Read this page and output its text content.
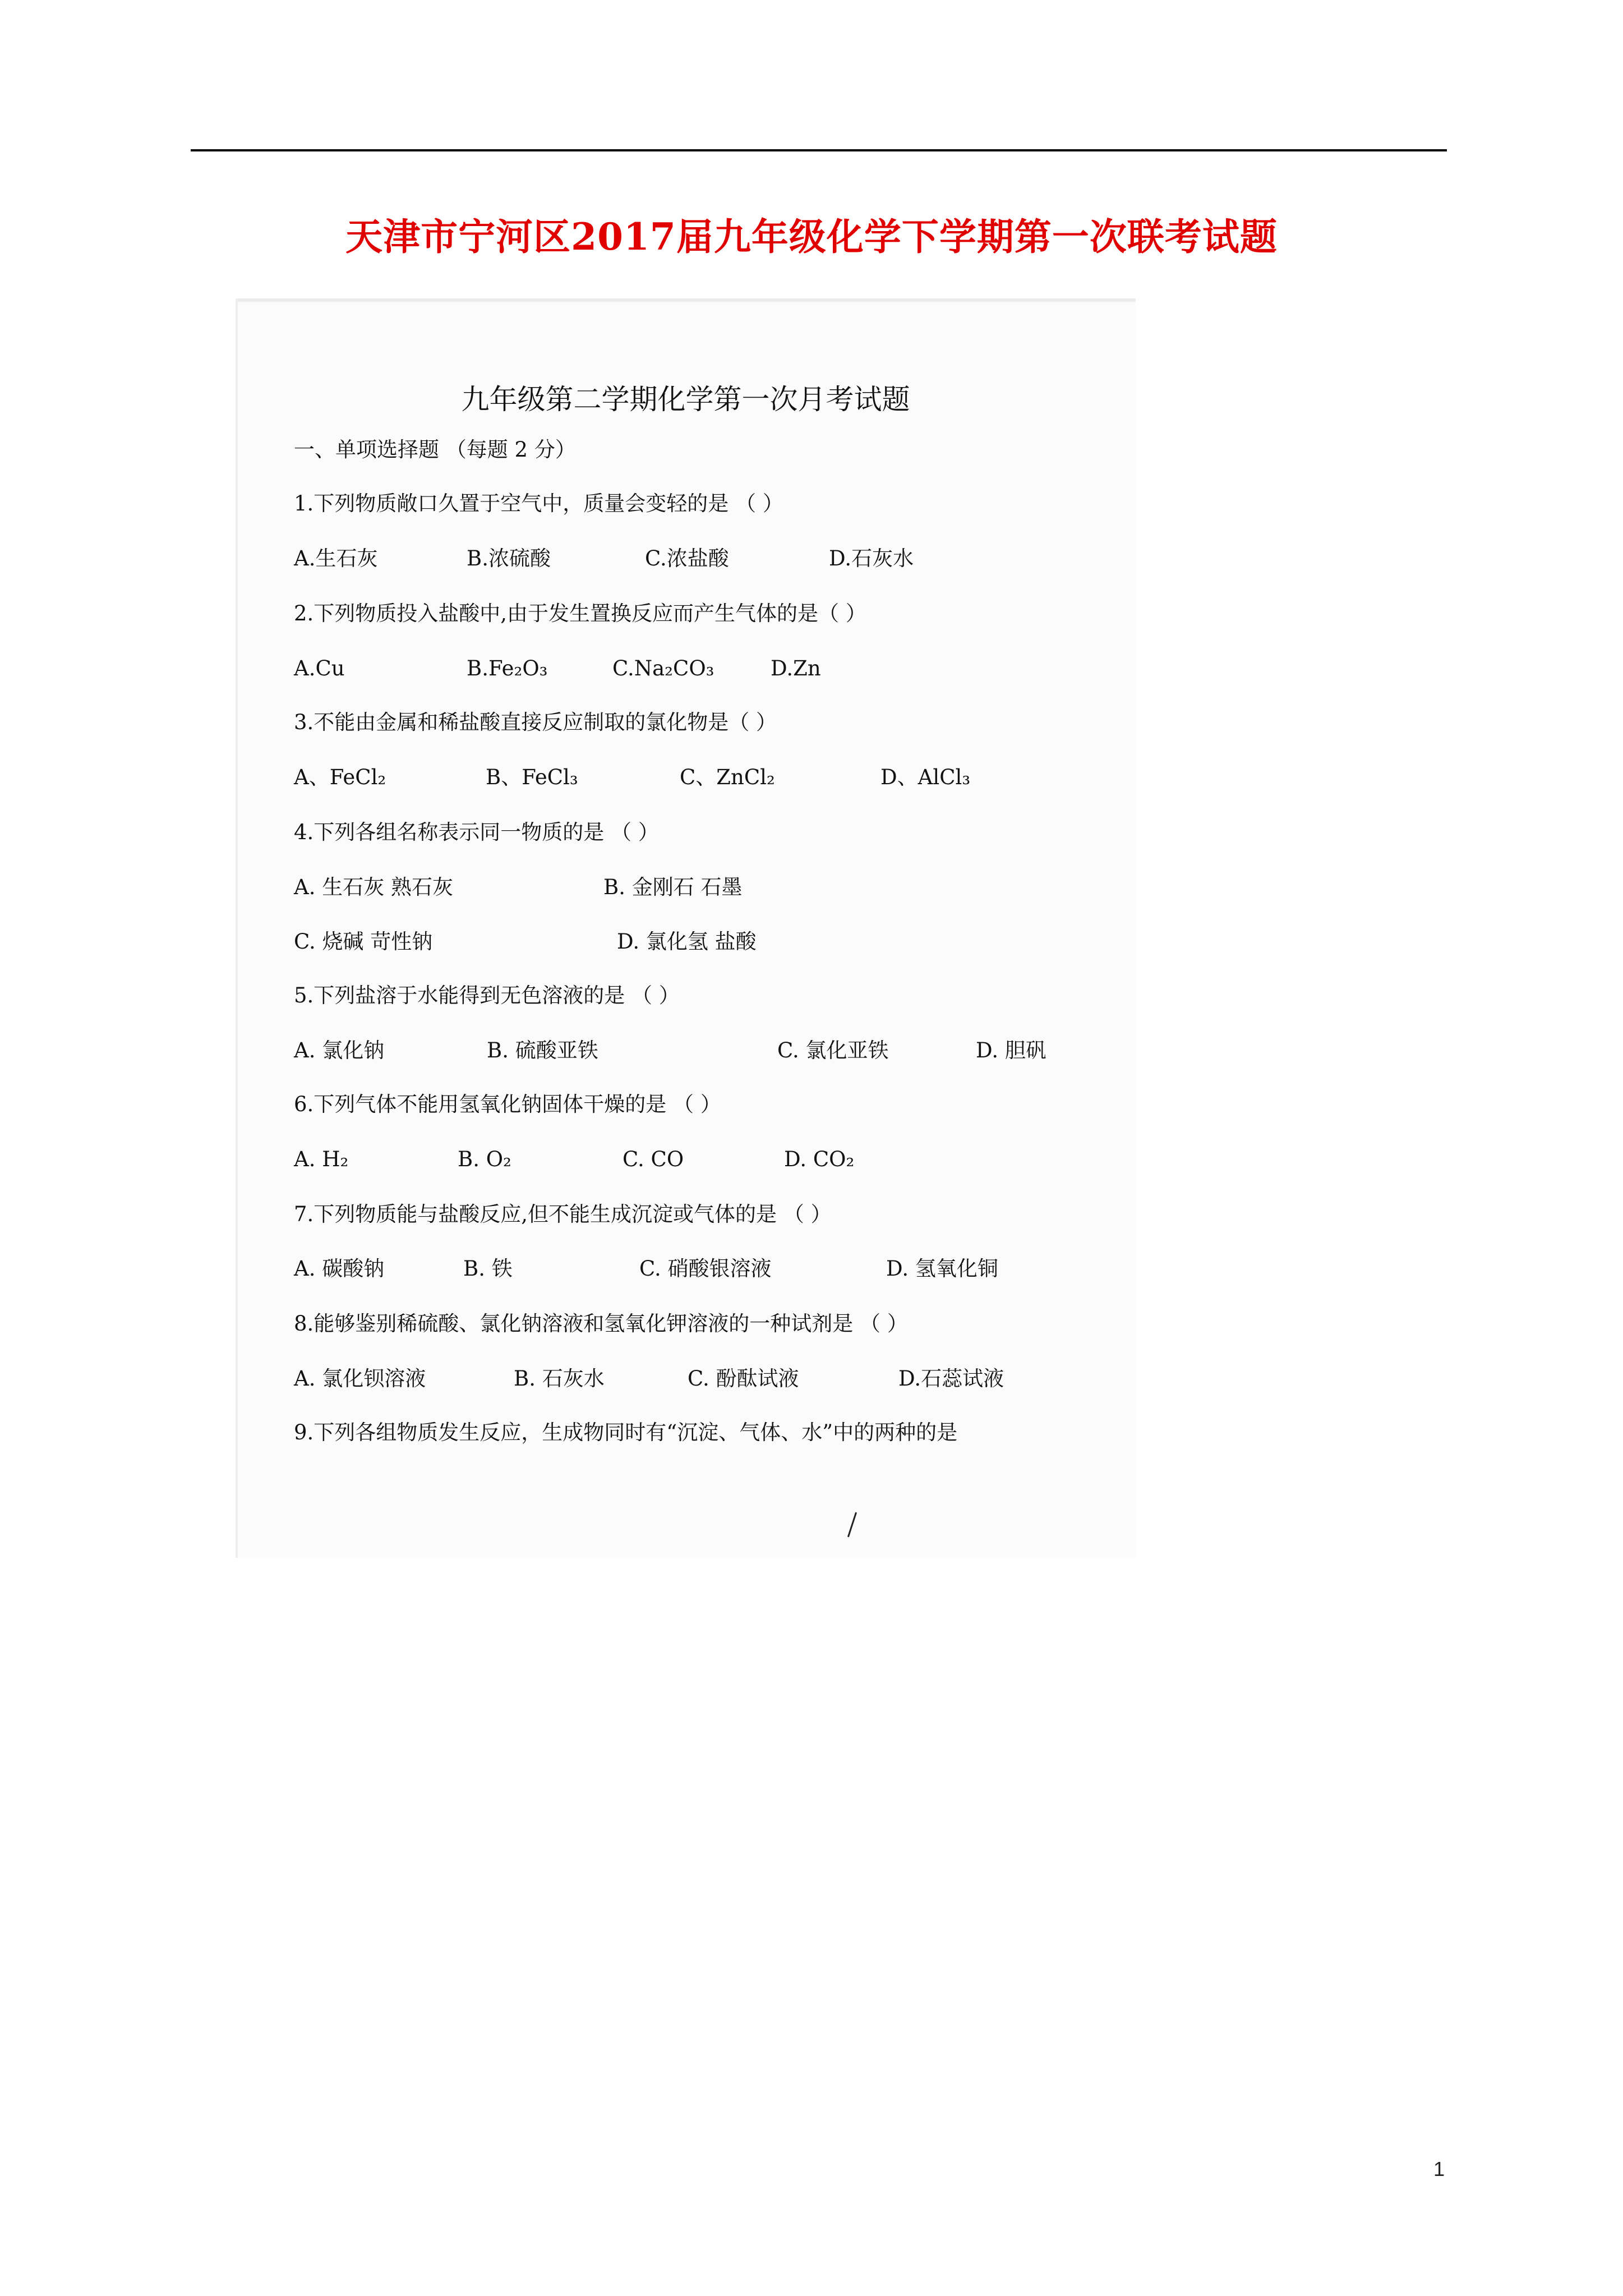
天津市宁河区2017届九年级化学下学期第一次联考试题
九年级第二学期化学第一次月考试题
一、单项选择题 （每题 2 分）
1.下列物质敞口久置于空气中，质量会变轻的是 （ ）
A.生石灰	B.浓硫酸	C.浓盐酸	D.石灰水
2.下列物质投入盐酸中,由于发生置换反应而产生气体的是（ ）
A.Cu	B.Fe₂O₃	C.Na₂CO₃	D.Zn
3.不能由金属和稀盐酸直接反应制取的氯化物是（ ）
A、FeCl₂	B、FeCl₃	C、ZnCl₂	D、AlCl₃
4.下列各组名称表示同一物质的是 （ ）
A. 生石灰 熟石灰	B. 金刚石 石墨
C. 烧碱 苛性钠	D. 氯化氢 盐酸
5.下列盐溶于水能得到无色溶液的是 （ ）
A. 氯化钠	B. 硫酸亚铁	C. 氯化亚铁	D. 胆矾
6.下列气体不能用氢氧化钠固体干燥的是 （ ）
A. H₂	B. O₂	C. CO	D. CO₂
7.下列物质能与盐酸反应,但不能生成沉淀或气体的是 （ ）
A. 碳酸钠	B. 铁	C. 硝酸银溶液	D. 氢氧化铜
8.能够鉴别稀硫酸、氯化钠溶液和氢氧化钾溶液的一种试剂是 （ ）
A. 氯化钡溶液	B. 石灰水	C. 酚酞试液	D.石蕊试液
9.下列各组物质发生反应，生成物同时有“沉淀、气体、水”中的两种的是
1
